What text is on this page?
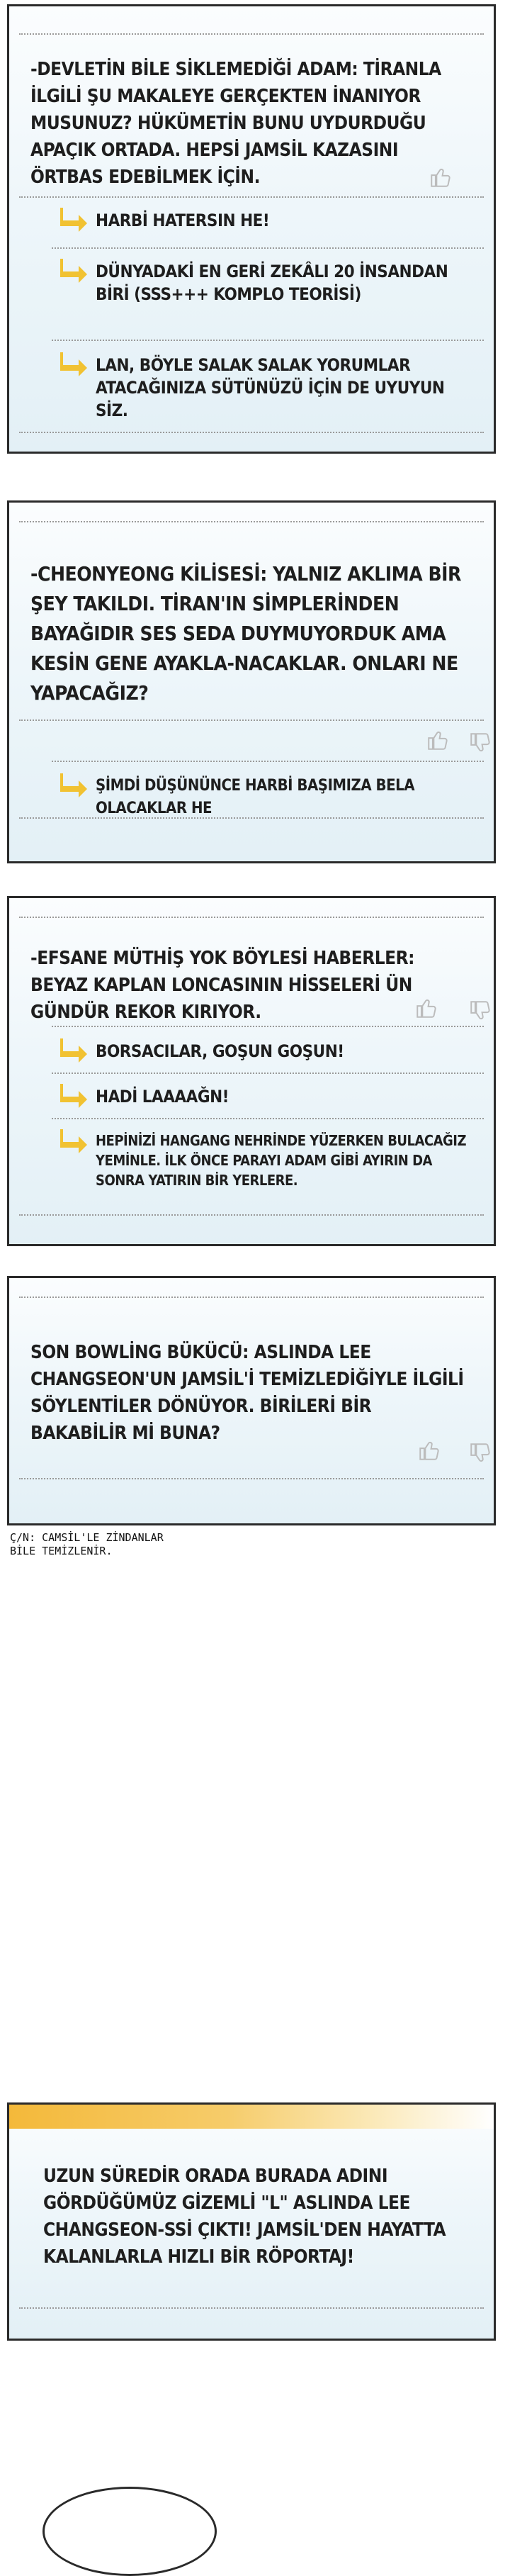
-DEVLETİN BİLE SİKLEMEDİĞİ ADAM: TİRANLA İLGİLİ ŞU MAKALEYE GERÇEKTEN İNANIYOR MUSUNUZ? HÜKÜMETİN BUNU UYDURDUĞU APAÇIK ORTADA. HEPSİ JAMSİL KAZASINI ÖRTBAS EDEBİLMEK İÇİN.
HARBİ HATERSIN HE!
DÜNYADAKİ EN GERİ ZEKÂLI 20 İNSANDAN BİRİ (SSS+++ KOMPLO TEORİSİ)
LAN, BÖYLE SALAK SALAK YORUMLAR ATACAĞINIZA SÜTÜNÜZÜ İÇİN DE UYUYUN SİZ.
-CHEONYEONG KİLİSESİ: YALNIZ AKLIMA BİR ŞEY TAKILDI. TİRAN'IN SİMPLERİNDEN BAYAĞIDIR SES SEDA DUYMUYORDUK AMA KESİN GENE AYAKLA-NACAKLAR. ONLARI NE YAPACAĞIZ?
ŞİMDİ DÜŞÜNÜNCE HARBİ BAŞIMIZA BELA OLACAKLAR HE
-EFSANE MÜTHİŞ YOK BÖYLESİ HABERLER: BEYAZ KAPLAN LONCASININ HİSSELERİ ÜN GÜNDÜR REKOR KIRIYOR.
BORSACILAR, GOŞUN GOŞUN!
HADİ LAAAAĞN!
HEPİNİZİ HANGANG NEHRİNDE YÜZERKEN BULACAĞIZ YEMİNLE. İLK ÖNCE PARAYI ADAM GİBİ AYIRIN DA SONRA YATIRIN BİR YERLERE.
SON BOWLİNG BÜKÜCÜ: ASLINDA LEE CHANGSEON'UN JAMSİL'İ TEMİZLEDİĞİYLE İLGİLİ SÖYLENTİLER DÖNÜYOR. BİRİLERİ BİR BAKABİLİR Mİ BUNA?
Ç/N: CAMSİL'LE ZİNDANLAR
BİLE TEMİZLENİR.
UZUN SÜREDİR ORADA BURADA ADINI GÖRDÜĞÜMÜZ GİZEMLİ "L" ASLINDA LEE CHANGSEON-SSİ ÇIKTI! JAMSİL'DEN HAYATTA KALANLARLA HIZLI BİR RÖPORTAJ!
